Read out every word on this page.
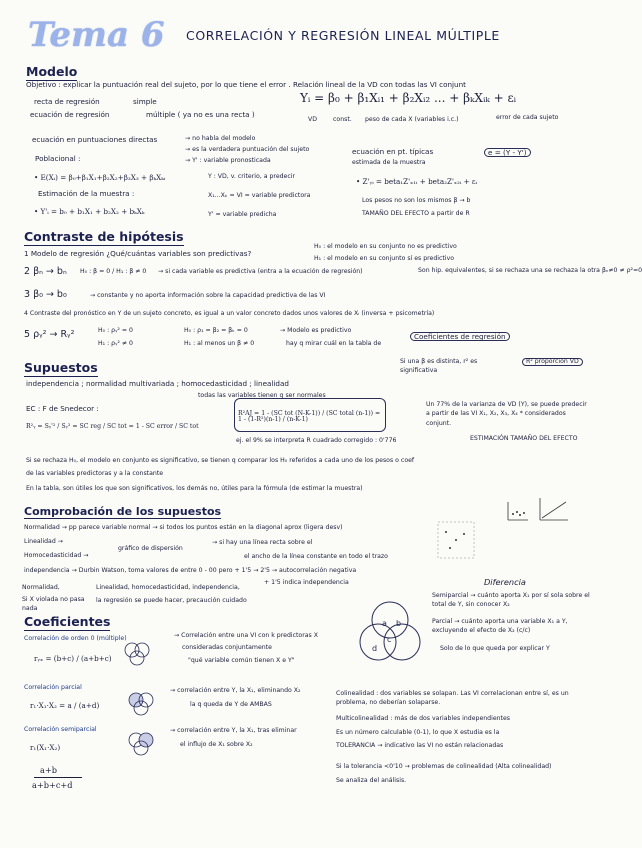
Tema 6 CORRELACIÓN Y REGRESIÓN LINEAL MÚLTIPLE
Modelo
Objetivo : explicar la puntuación real del sujeto, por lo que tiene el error . Relación lineal de la VD con todas las VI conjunt
recta de regresión	simple
ecuación de regresión	múltiple ( ya no es una recta )
Yᵢ = β₀ + β₁Xᵢ₁ + β₂Xᵢ₂ ... + βₖXᵢₖ + εᵢ
VD	const. peso de cada X (variables i.c.)	error de cada sujeto
ecuación en puntuaciones directas	→ no habla del modelo
→ es la verdadera puntuación del sujeto
→ Y' : variable pronosticada
Poblacional :
• E(Xᵢ) = β₀+β₁X₁+β₂X₂+β₃X₃ + βₖXₖᵢ	Y : VD, v. criterio, a predecir
X₁...Xₖ = VI = variable predictora
Y' = variable predicha
Estimación de la muestra :
• Y'ᵢ = b₀ + b₁X₁ + b₂X₂ + bₖXₖ
ecuación en pt. típicas
estimada de la muestra
e = (Y - Y')
• Z'ᵧᵢ = beta₁Z'ₓ₁ᵢ + beta₂Z'ₓ₂ᵢ + εᵢ
Los pesos no son los mismos β → b
TAMAÑO DEL EFECTO a partir de R
Contraste de hipótesis
1 Modelo de regresión ¿Qué/cuántas variables son predictivas?
H₀ : el modelo en su conjunto no es predictivo
H₁ : el modelo en su conjunto sí es predictivo
2 βₙ → bₙ H₀ : β = 0 / H₁ : β ≠ 0 → si cada variable es predictiva (entra a la ecuación de regresión)	Son hip. equivalentes, si se rechaza una se rechaza la otra βₙ≠0 ≠ ρ²=0
3 β₀ → b₀	→ constante y no aporta información sobre la capacidad predictiva de las VI
4 Contraste del pronóstico en Y de un sujeto concreto, es igual a un valor concreto dados unos valores de Xᵢ (inversa + psicometría)
5 ρᵧ² → Rᵧ²	H₀ : ρᵧ² = 0
H₁ : ρᵧ² ≠ 0
H₀ : ρ₁ = β₂ = βₖ = 0
H₁ : al menos un β ≠ 0
→ Modelo es predictivo
hay q mirar cuál en la tabla de
Coeficientes de regresión
Si una β es distinta, r² es significativa
R² proporción VD
Supuestos
independencia ; normalidad multivariada ; homocedasticidad ; linealidad
todas las variables tienen q ser normales
EC : F de Snedecor :
R²ᵧ = Sᵧ'² / Sᵧ² = SC reg / SC tot = 1 - SC error / SC tot
R²AJ = 1 - (SC tot (N-K-1)) / (SC total (n-1)) = 1 - (1-R²)(n-1) / (n-K-1)
Un 77% de la varianza de VD (Y), se puede predecir a partir de las VI X₁, X₂, X₃, X₄ * considerados conjunt.
ESTIMACIÓN TAMAÑO DEL EFECTO
ej. el 9% se interpreta R cuadrado corregido : 0'776
Si se rechaza H₀, el modelo en conjunto es significativo, se tienen q comparar los H₀ referidos a cada uno de los pesos o coef
de las variables predictoras y a la constante
En la tabla, son útiles los que son significativos, los demás no, útiles para la fórmula (de estimar la muestra)
Comprobación de los supuestos
Normalidad → pp parece variable normal → si todos los puntos están en la diagonal aprox (ligera desv)
Linealidad →
gráfico de dispersión
→ si hay una línea recta sobre el
Homocedasticidad →	el ancho de la línea constante en todo el trazo
independencia → Durbin Watson, toma valores de entre 0 - 00 pero + 1'5 → 2'5 → autocorrelación negativa
+ 1'5 indica independencia
Normalidad,
Si X violada no pasa nada
Linealidad, homocedasticidad, independencia,
la regresión se puede hacer, precaución cuidado
a b
c
d
Diferencia
Semiparcial → cuánto aporta X₁ por sí sola sobre el total de Y, sin conocer X₂
Parcial → cuánto aporta una variable X₁ a Y, excluyendo el efecto de X₂ (c/c)
Solo de lo que queda por explicar Y
Coeficientes
Correlación de orden 0 (múltiple)
rᵧₓ = (b+c) / (a+b+c)
→ Correlación entre una VI con k predictoras X
consideradas conjuntamente
"qué variable común tienen X e Y"
Correlación parcial
r₁·X₁·X₂ = a / (a+d)
→ correlación entre Y, la X₁, eliminando X₂
la q queda de Y de AMBAS
Correlación semiparcial
r₁(X₁·X₂)
→ correlación entre Y, la X₁, tras eliminar
el influjo de X₁ sobre X₂
a+b
a+b+c+d
Colinealidad : dos variables se solapan. Las VI correlacionan entre sí, es un problema, no deberían solaparse.
Multicolinealidad : más de dos variables independientes
Es un número calculable (0-1), lo que X estudia es la
TOLERANCIA → indicativo las VI no están relacionadas
Si la tolerancia <0'10 → problemas de colinealidad (Alta colinealidad)
Se analiza del análisis.
